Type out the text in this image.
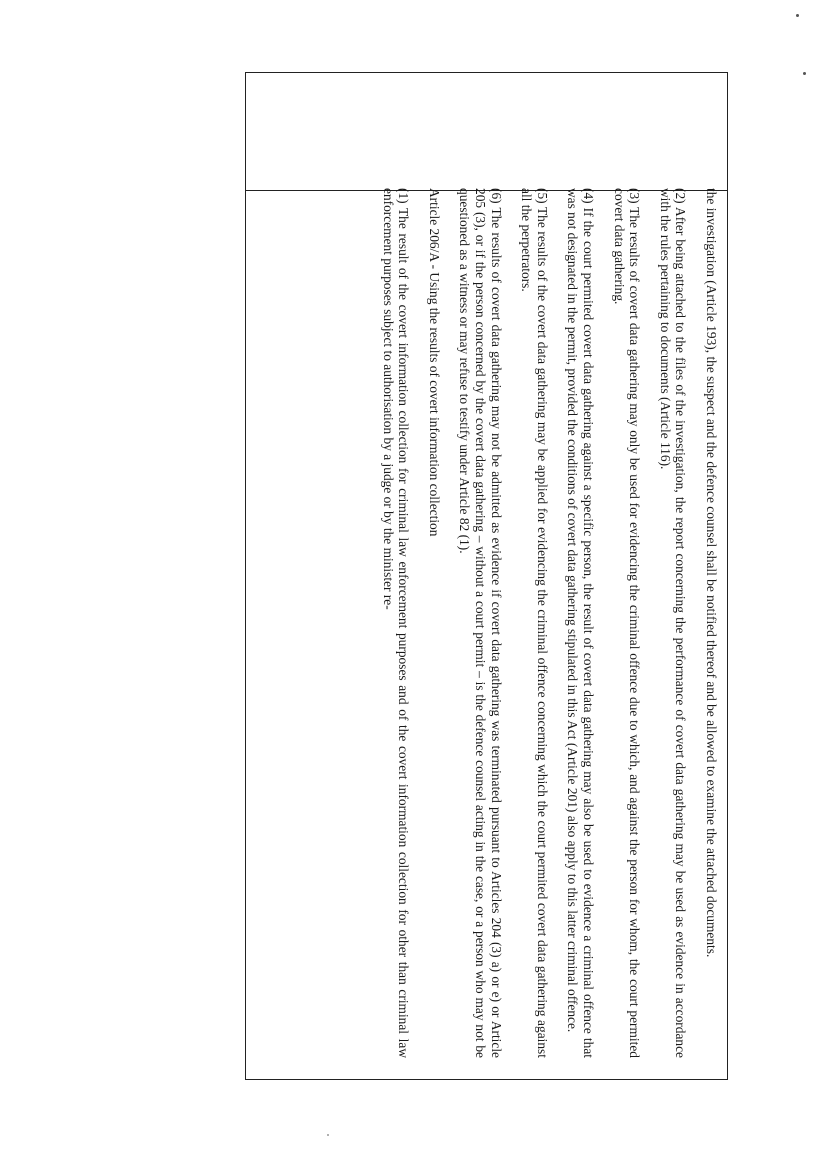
the investigation (Article 193), the suspect and the defence counsel shall be notified thereof and be allowed to examine the attached documents.

(2) After being attached to the files of the investigation, the report concerning the performance of covert data gathering may be used as evidence in accordance with the rules pertaining to documents (Article 116).

(3) The results of covert data gathering may only be used for evidencing the criminal offence due to which, and against the person for whom, the court permited covert data gathering.

(4) If the court permited covert data gathering against a specific person, the result of covert data gathering may also be used to evidence a criminal offence that was not designated in the permit, provided the conditions of covert data gathering stipulated in this Act (Article 201) also apply to this latter criminal offence.

(5) The results of the covert data gathering may be applied for evidencing the criminal offence concerning which the court permited covert data gathering against all the perpetrators.

(6) The results of covert data gathering may not be admitted as evidence if covert data gathering was terminated pursuant to Articles 204 (3) a) or e) or Article 205 (3), or if the person concerned by the covert data gathering – without a court permit – is the defence counsel acting in the case, or a person who may not be questioned as a witness or may refuse to testify under Article 82 (1).

Article 206/A - Using the results of covert information collection

(1) The result of the covert information collection for criminal law enforcement purposes and of the covert information collection for other than criminal law enforcement purposes subject to authorisation by a judge or by the minister re-
